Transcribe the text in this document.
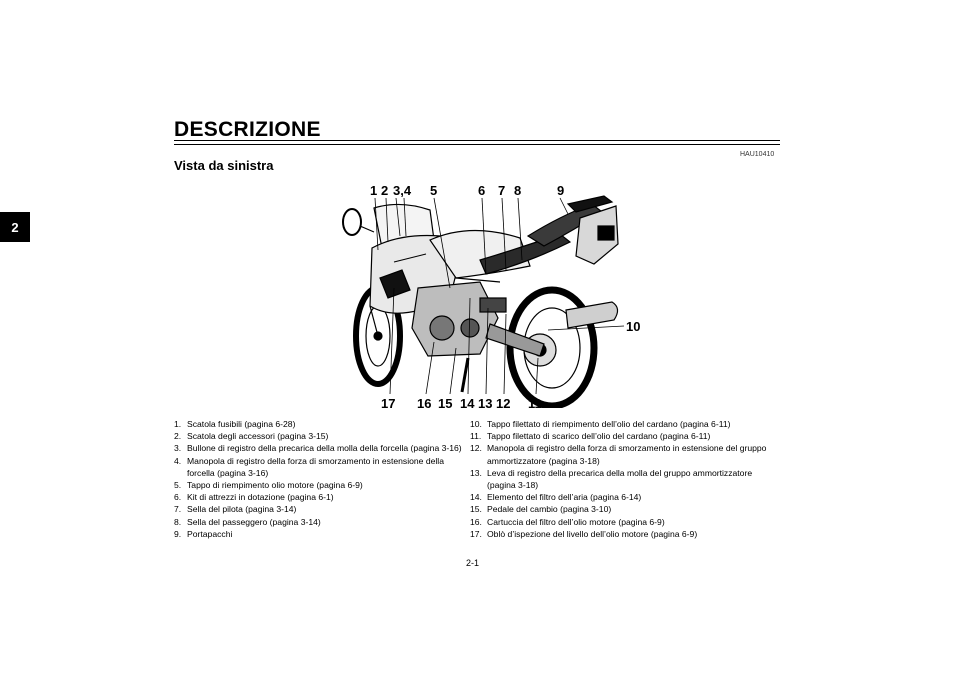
2
DESCRIZIONE
HAU10410
Vista da sinistra
1 2 3,4 5	6 7 8	9
10
11
12
13
14
15
16
17
1. Scatola fusibili (pagina 6-28)
2. Scatola degli accessori (pagina 3-15)
3. Bullone di registro della precarica della molla della forcella (pagina 3-16)
4. Manopola di registro della forza di smorzamento in estensione della forcella (pagina 3-16)
5. Tappo di riempimento olio motore (pagina 6-9)
6. Kit di attrezzi in dotazione (pagina 6-1)
7. Sella del pilota (pagina 3-14)
8. Sella del passeggero (pagina 3-14)
9. Portapacchi
10. Tappo filettato di riempimento dell’olio del cardano (pagina 6-11)
11. Tappo filettato di scarico dell’olio del cardano (pagina 6-11)
12. Manopola di registro della forza di smorzamento in estensione del gruppo ammortizzatore (pagina 3-18)
13. Leva di registro della precarica della molla del gruppo ammortizzatore (pagina 3-18)
14. Elemento del filtro dell’aria (pagina 6-14)
15. Pedale del cambio (pagina 3-10)
16. Cartuccia del filtro dell’olio motore (pagina 6-9)
17. Oblò d’ispezione del livello dell’olio motore (pagina 6-9)
2-1
